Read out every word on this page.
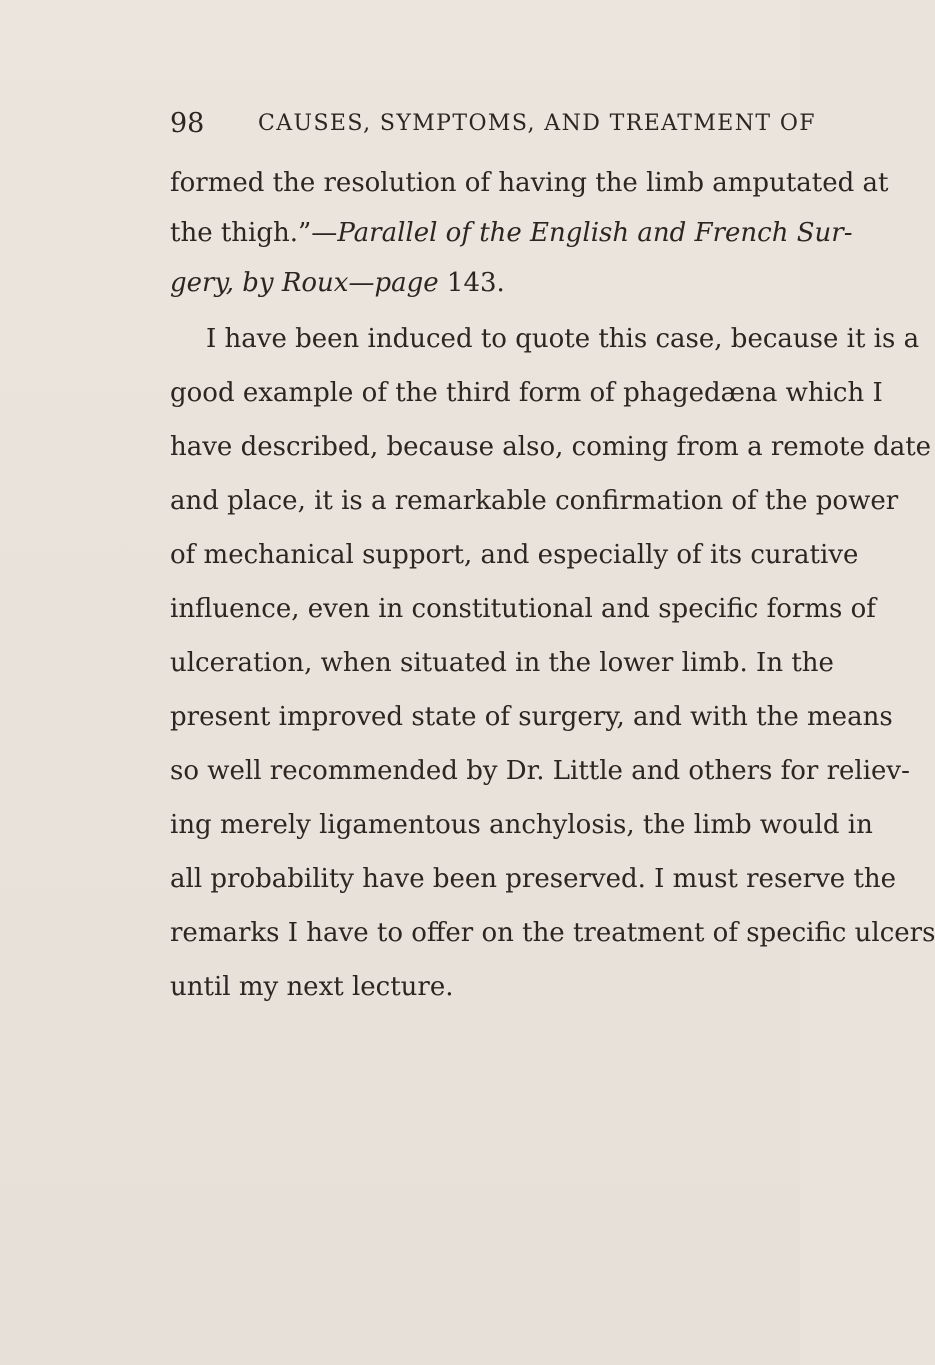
98 CAUSES, SYMPTOMS, AND TREATMENT OF
formed the resolution of having the limb amputated at
the thigh.”—Parallel of the English and French Sur-
gery, by Roux—page 143.
I have been induced to quote this case, because it is a
good example of the third form of phagedæna which I
have described, because also, coming from a remote date
and place, it is a remarkable confirmation of the power
of mechanical support, and especially of its curative
influence, even in constitutional and specific forms of
ulceration, when situated in the lower limb. In the
present improved state of surgery, and with the means
so well recommended by Dr. Little and others for reliev-
ing merely ligamentous anchylosis, the limb would in
all probability have been preserved. I must reserve the
remarks I have to offer on the treatment of specific ulcers
until my next lecture.
